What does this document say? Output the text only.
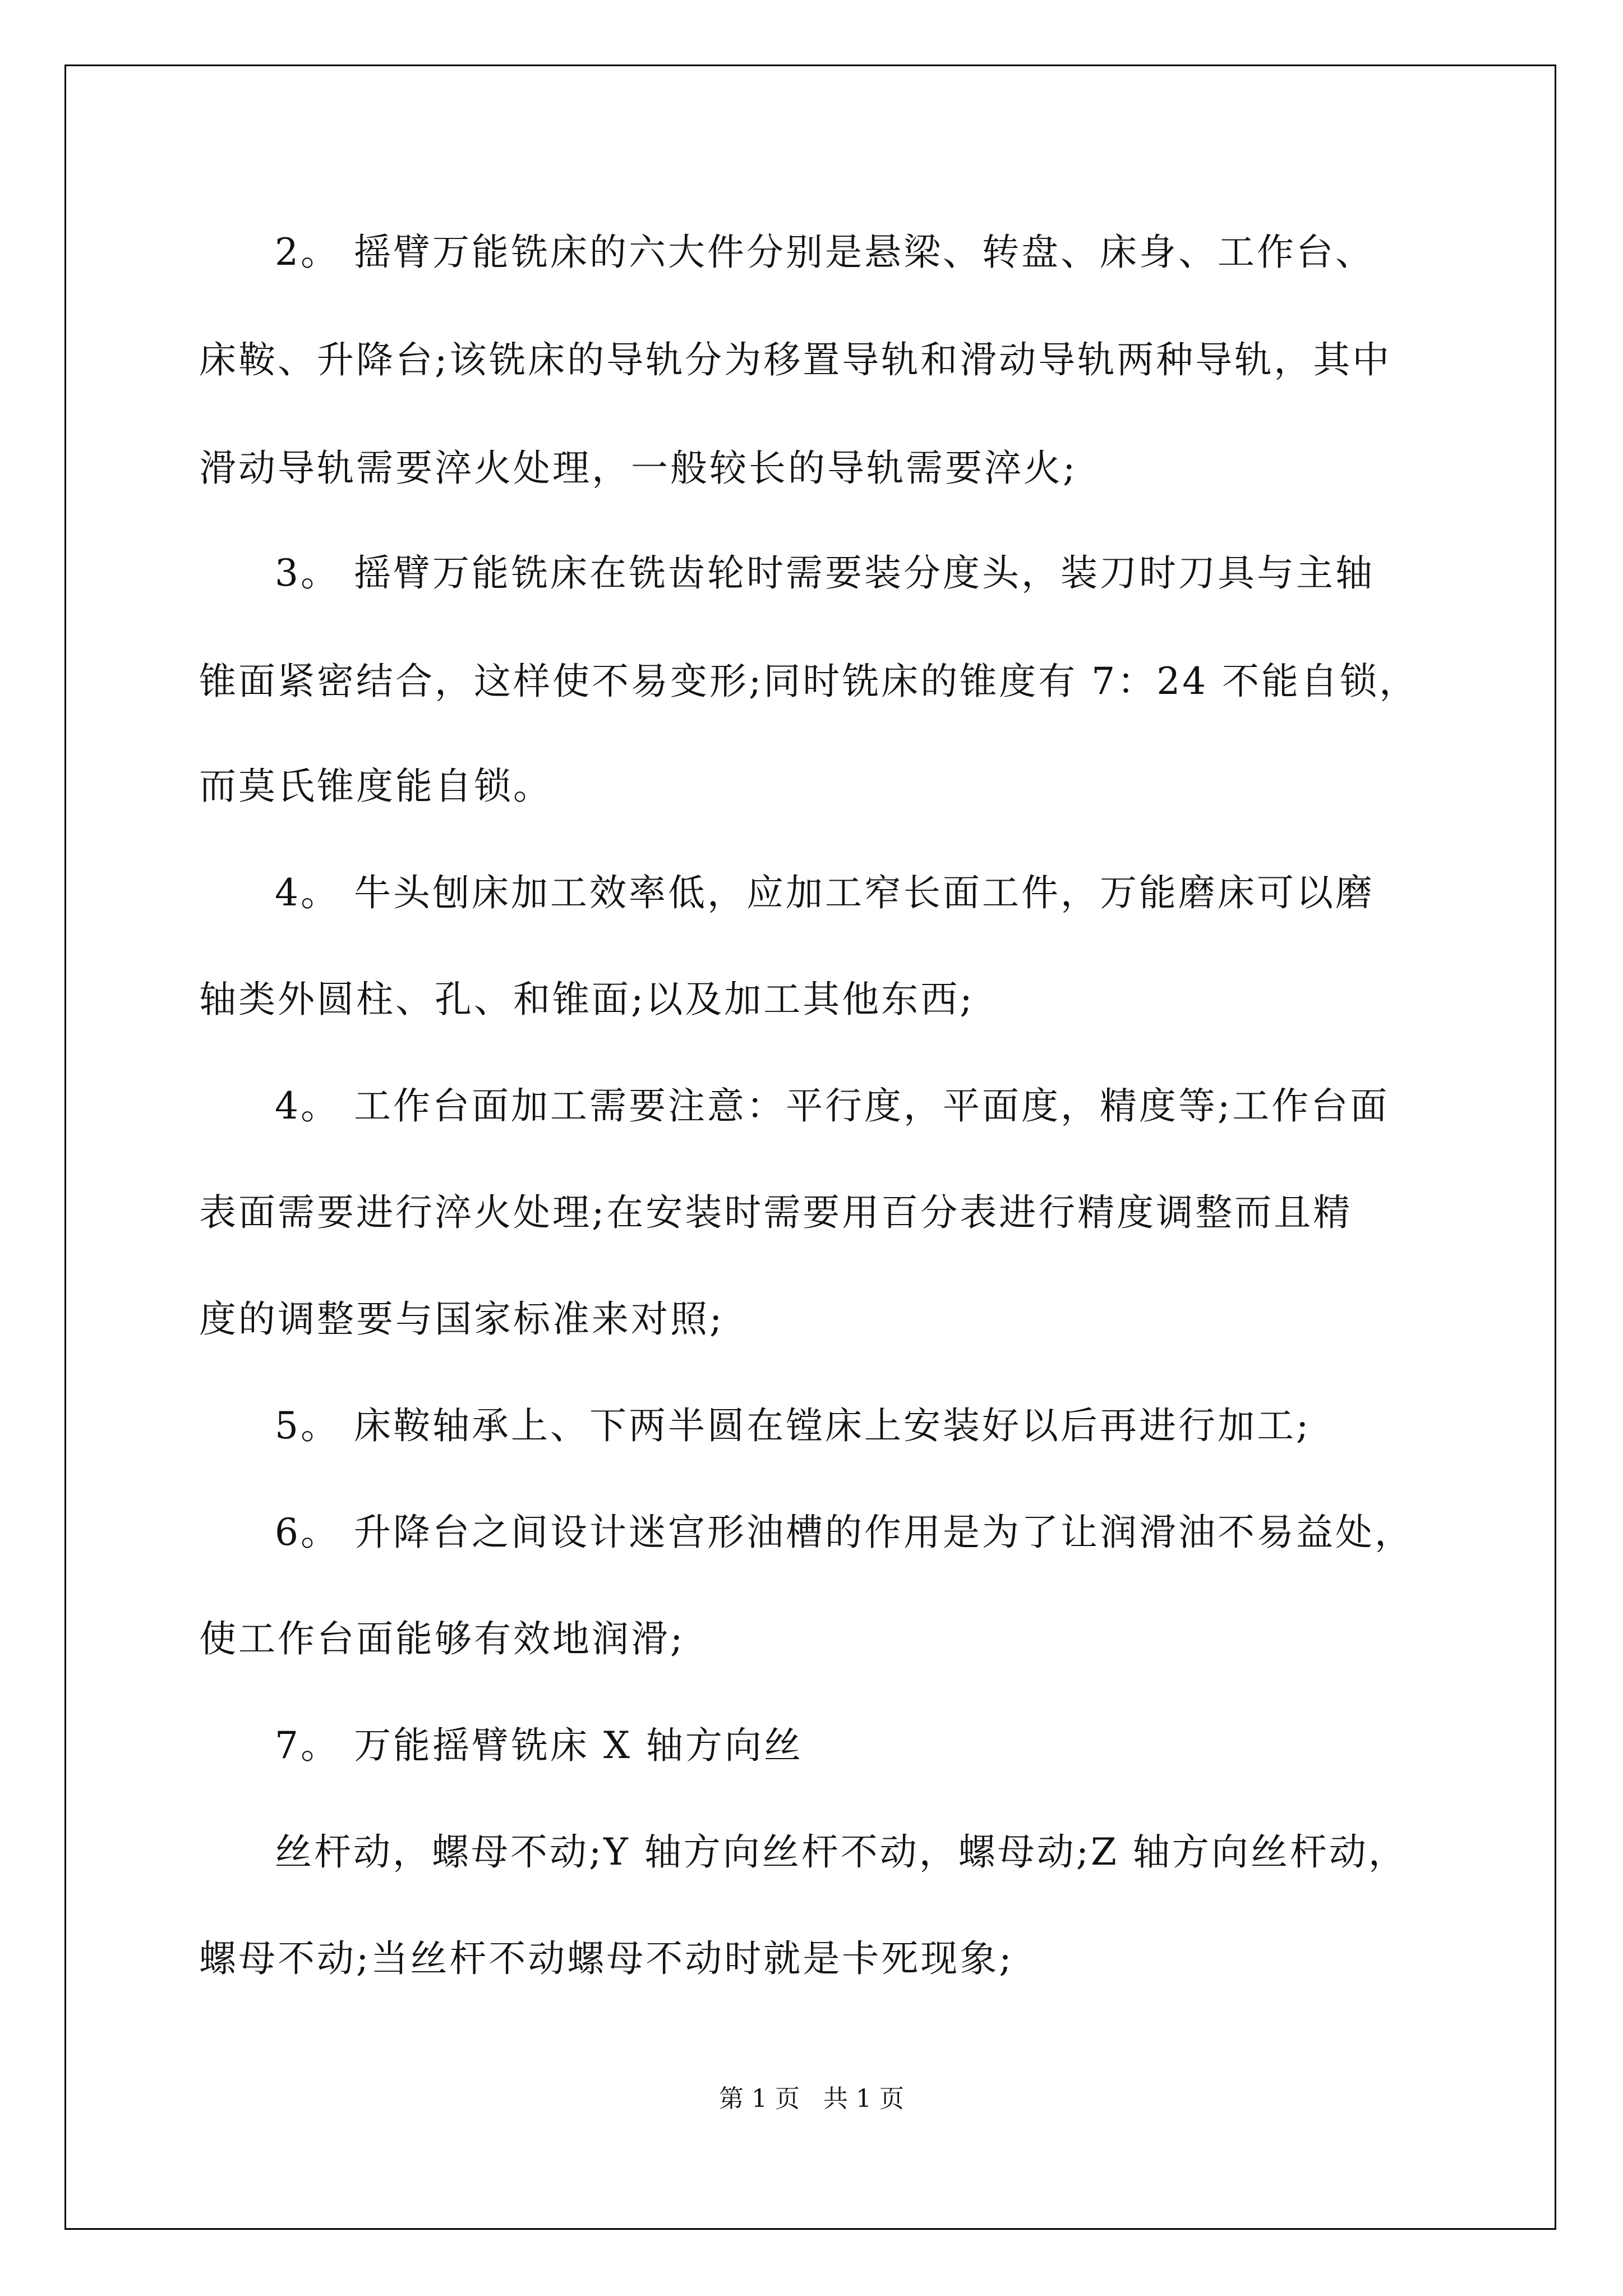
2。 摇臂万能铣床的六大件分别是悬梁、转盘、床身、工作台、

床鞍、升降台;该铣床的导轨分为移置导轨和滑动导轨两种导轨，其中

滑动导轨需要淬火处理，一般较长的导轨需要淬火;

3。 摇臂万能铣床在铣齿轮时需要装分度头，装刀时刀具与主轴

锥面紧密结合，这样使不易变形;同时铣床的锥度有 7：24 不能自锁，

而莫氏锥度能自锁。

4。 牛头刨床加工效率低，应加工窄长面工件，万能磨床可以磨

轴类外圆柱、孔、和锥面;以及加工其他东西;

4。 工作台面加工需要注意：平行度，平面度，精度等;工作台面

表面需要进行淬火处理;在安装时需要用百分表进行精度调整而且精

度的调整要与国家标准来对照;

5。 床鞍轴承上、下两半圆在镗床上安装好以后再进行加工;

6。 升降台之间设计迷宫形油槽的作用是为了让润滑油不易益处，

使工作台面能够有效地润滑;

7。 万能摇臂铣床 X 轴方向丝

丝杆动，螺母不动;Y 轴方向丝杆不动，螺母动;Z 轴方向丝杆动，

螺母不动;当丝杆不动螺母不动时就是卡死现象;

第 1 页   共 1 页
